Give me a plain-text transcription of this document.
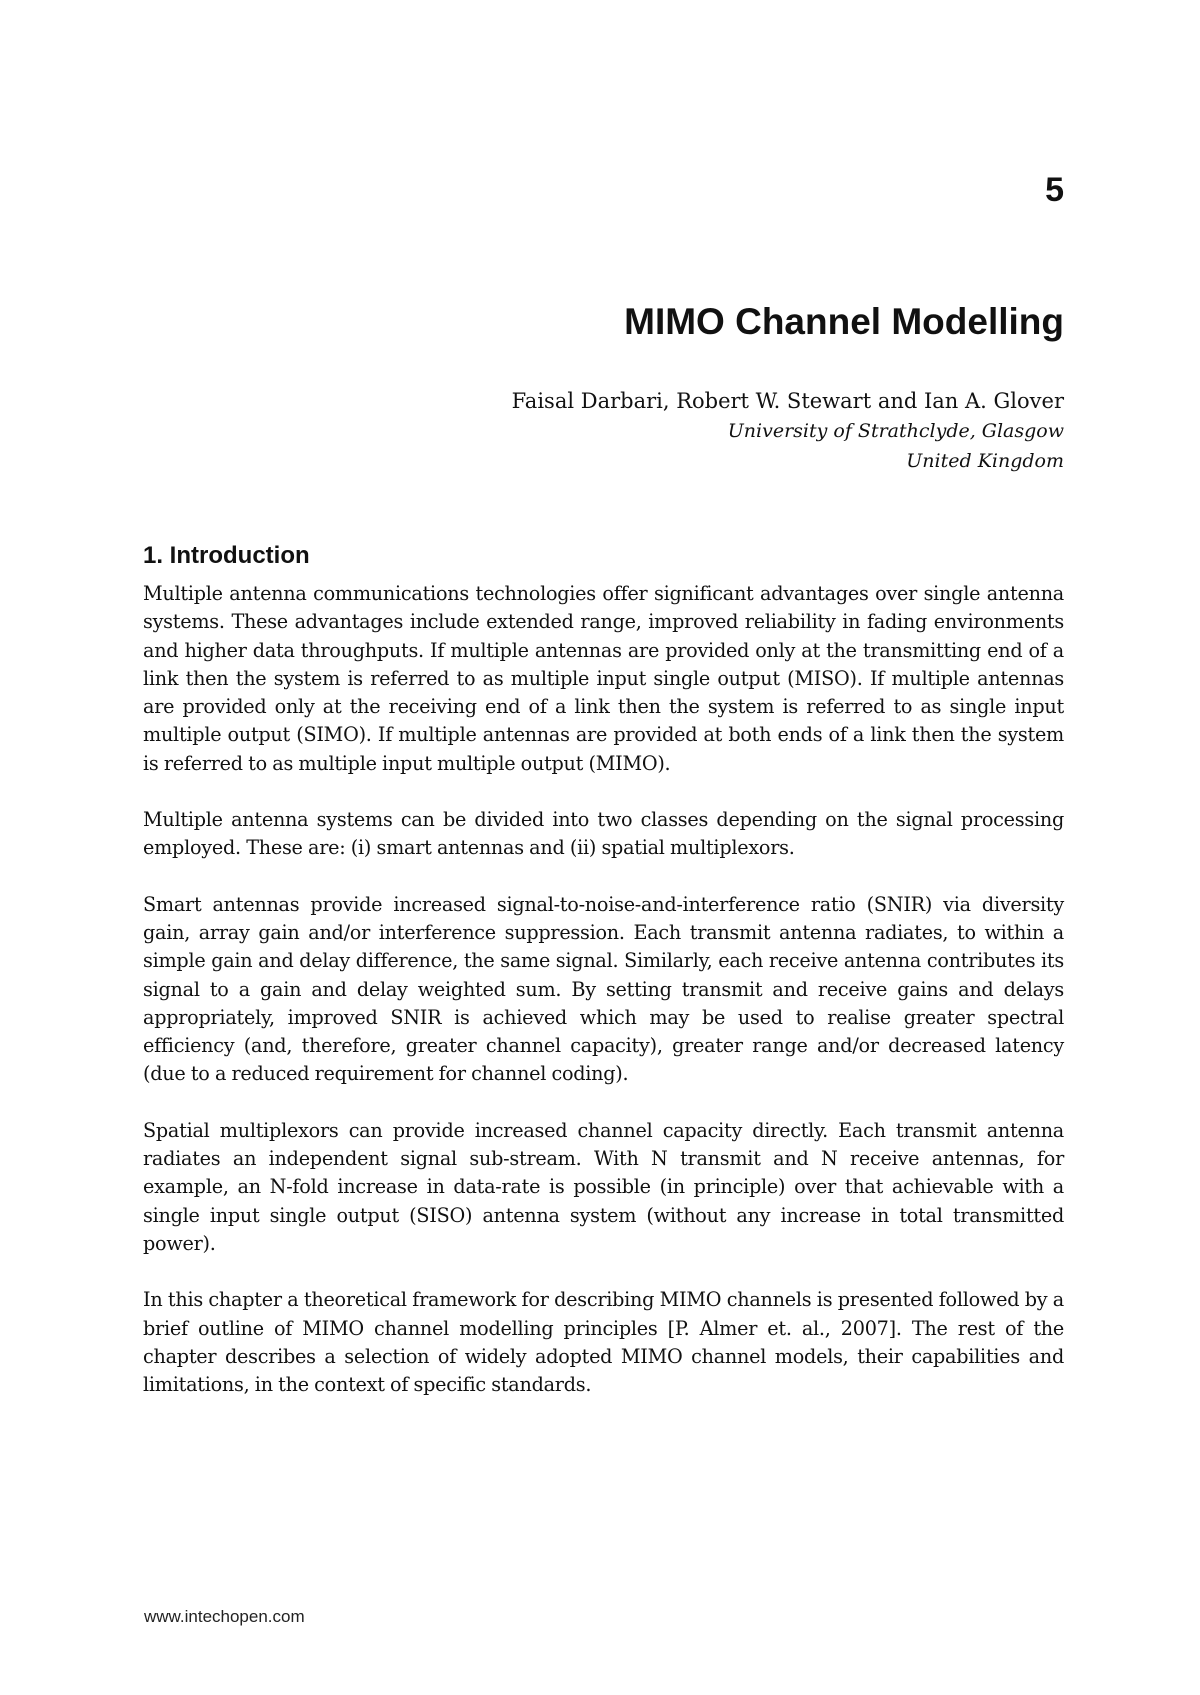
5
MIMO Channel Modelling
Faisal Darbari, Robert W. Stewart and Ian A. Glover
University of Strathclyde, Glasgow
United Kingdom
1. Introduction

Multiple antenna communications technologies offer significant advantages over single antenna systems. These advantages include extended range, improved reliability in fading environments and higher data throughputs. If multiple antennas are provided only at the transmitting end of a link then the system is referred to as multiple input single output (MISO). If multiple antennas are provided only at the receiving end of a link then the system is referred to as single input multiple output (SIMO). If multiple antennas are provided at both ends of a link then the system is referred to as multiple input multiple output (MIMO).

Multiple antenna systems can be divided into two classes depending on the signal processing employed. These are: (i) smart antennas and (ii) spatial multiplexors.

Smart antennas provide increased signal-to-noise-and-interference ratio (SNIR) via diversity gain, array gain and/or interference suppression. Each transmit antenna radiates, to within a simple gain and delay difference, the same signal. Similarly, each receive antenna contributes its signal to a gain and delay weighted sum. By setting transmit and receive gains and delays appropriately, improved SNIR is achieved which may be used to realise greater spectral efficiency (and, therefore, greater channel capacity), greater range and/or decreased latency (due to a reduced requirement for channel coding).

Spatial multiplexors can provide increased channel capacity directly. Each transmit antenna radiates an independent signal sub-stream. With N transmit and N receive antennas, for example, an N-fold increase in data-rate is possible (in principle) over that achievable with a single input single output (SISO) antenna system (without any increase in total transmitted power).

In this chapter a theoretical framework for describing MIMO channels is presented followed by a brief outline of MIMO channel modelling principles [P. Almer et. al., 2007]. The rest of the chapter describes a selection of widely adopted MIMO channel models, their capabilities and limitations, in the context of specific standards.

www.intechopen.com
